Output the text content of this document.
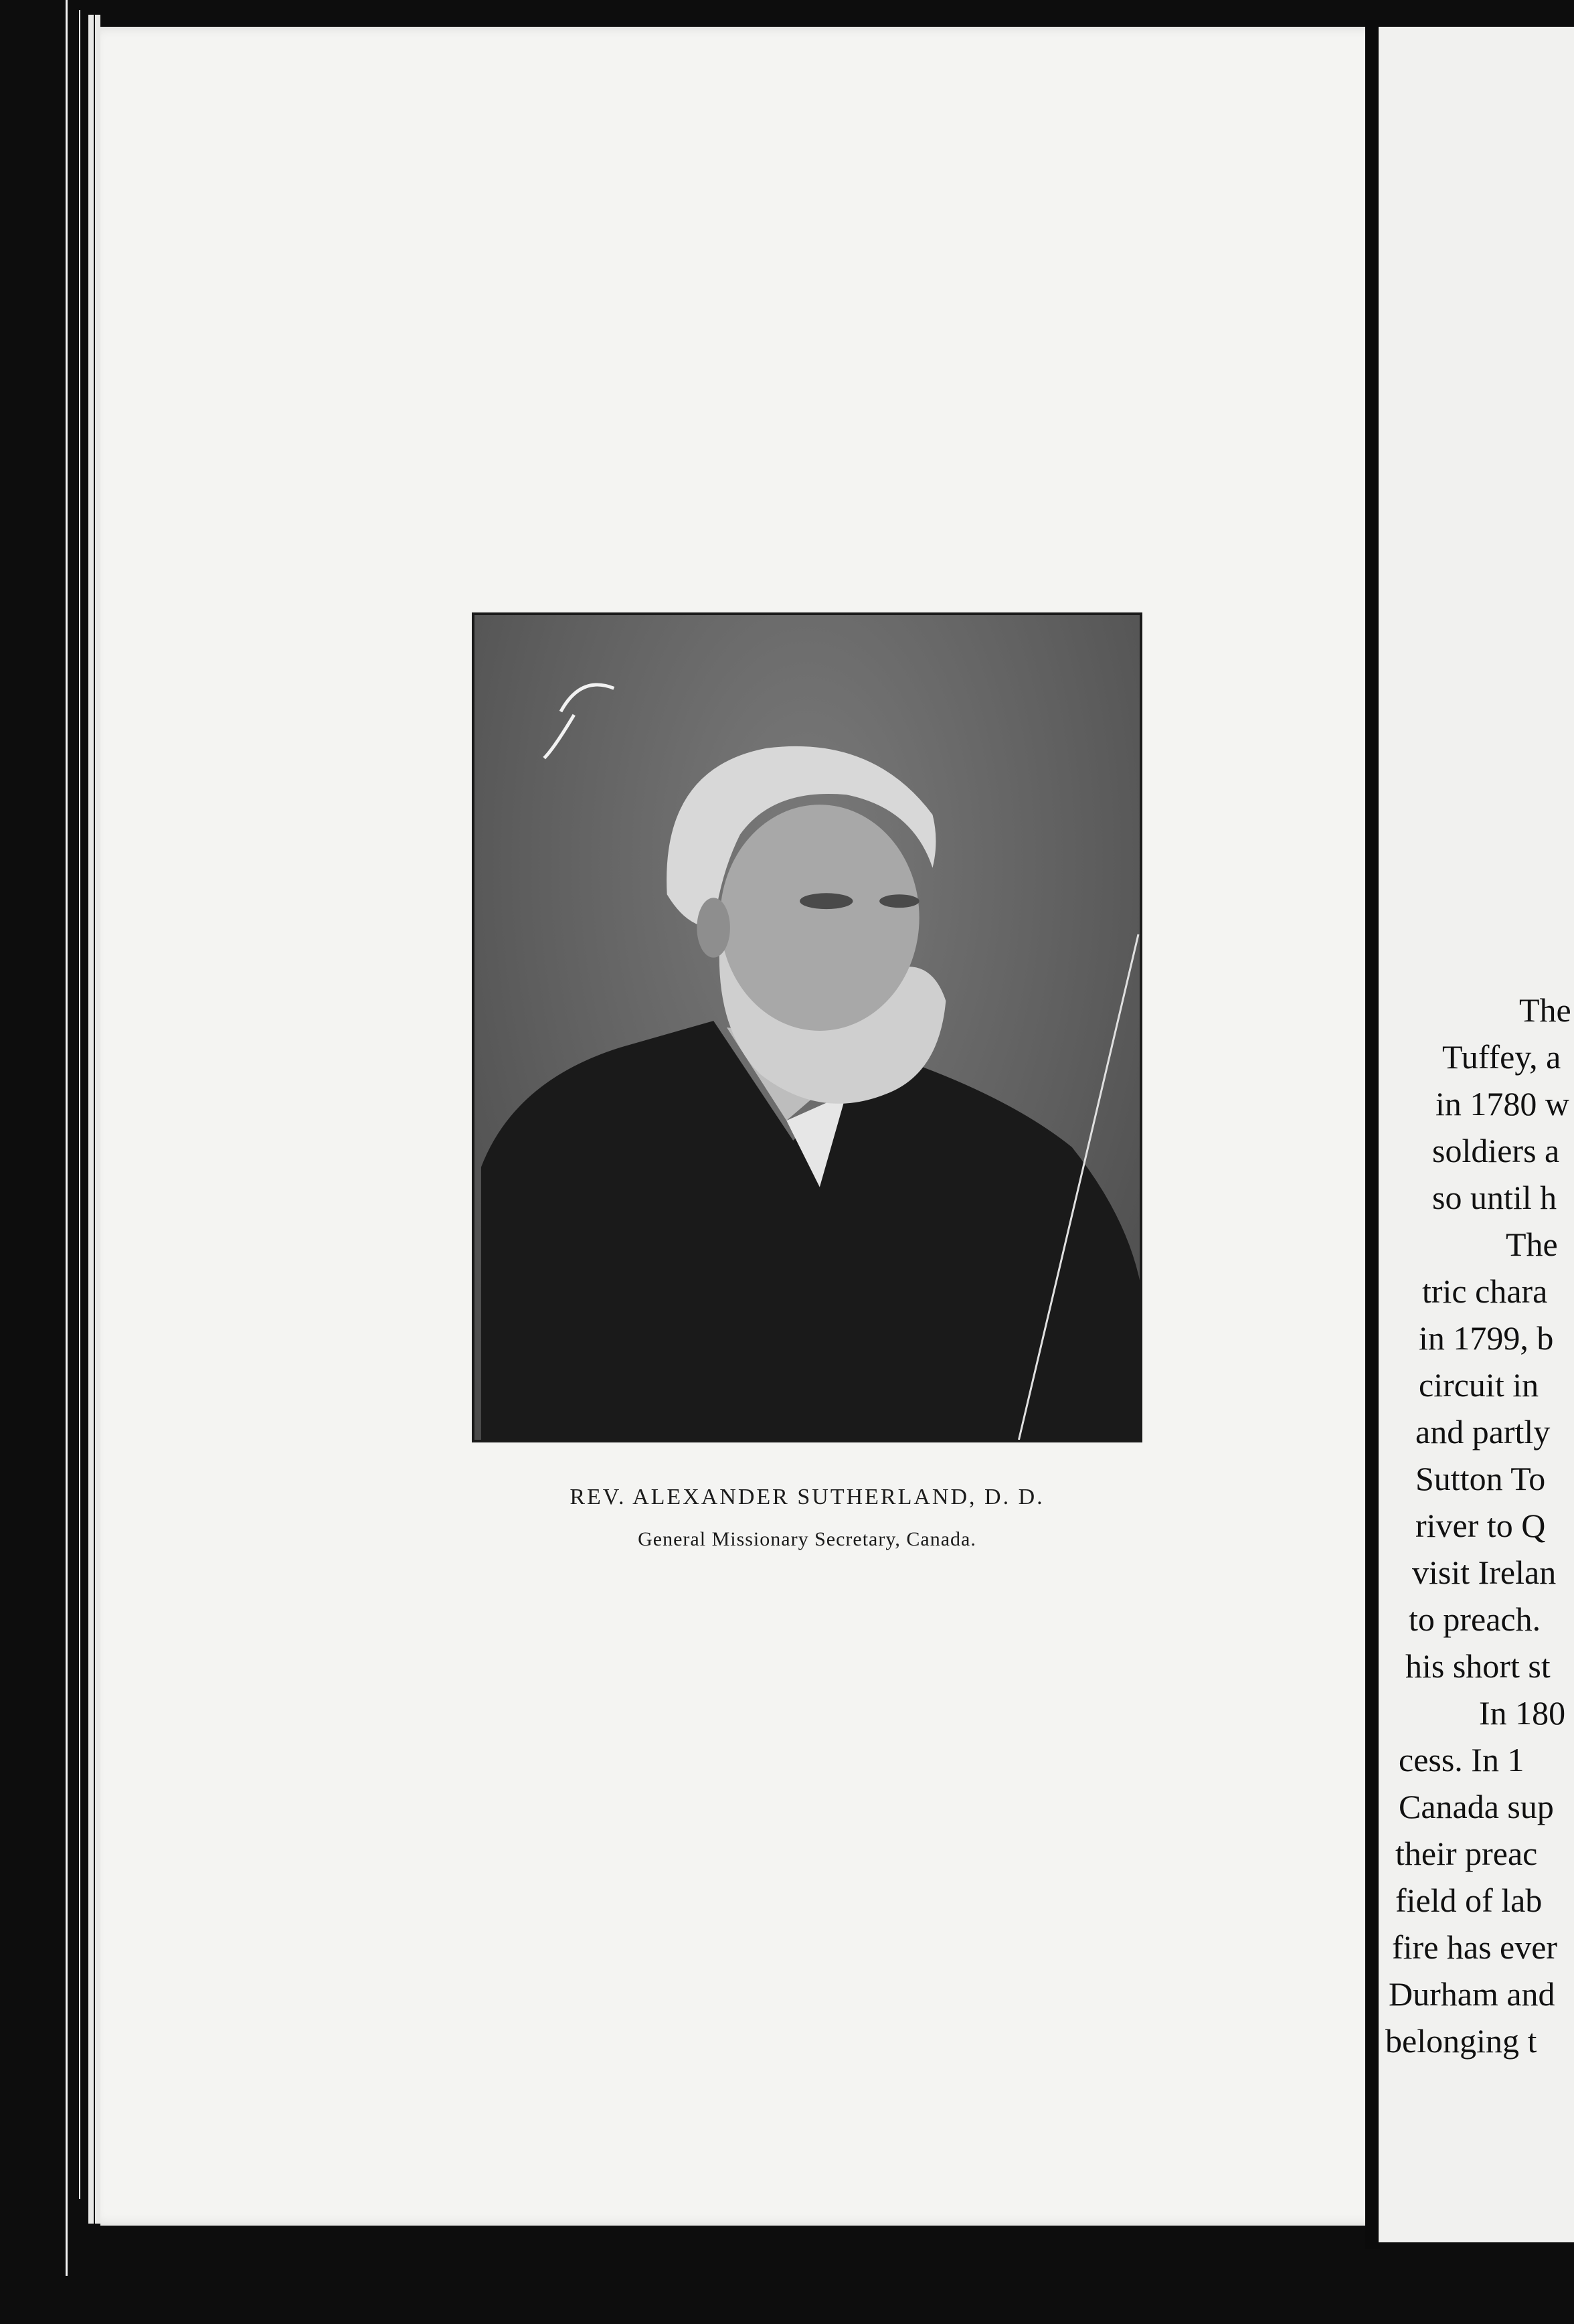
REV. ALEXANDER SUTHERLAND, D. D.
General Missionary Secretary, Canada.
The
Tuffey, a
in 1780 w
soldiers a
so until h
The
tric chara
in 1799, b
circuit in
and partly
Sutton To
river to Q
visit Irelan
to preach.
his short st
In 180
cess. In 1
Canada sup
their preac
field of lab
fire has ever
Durham and
belonging t
